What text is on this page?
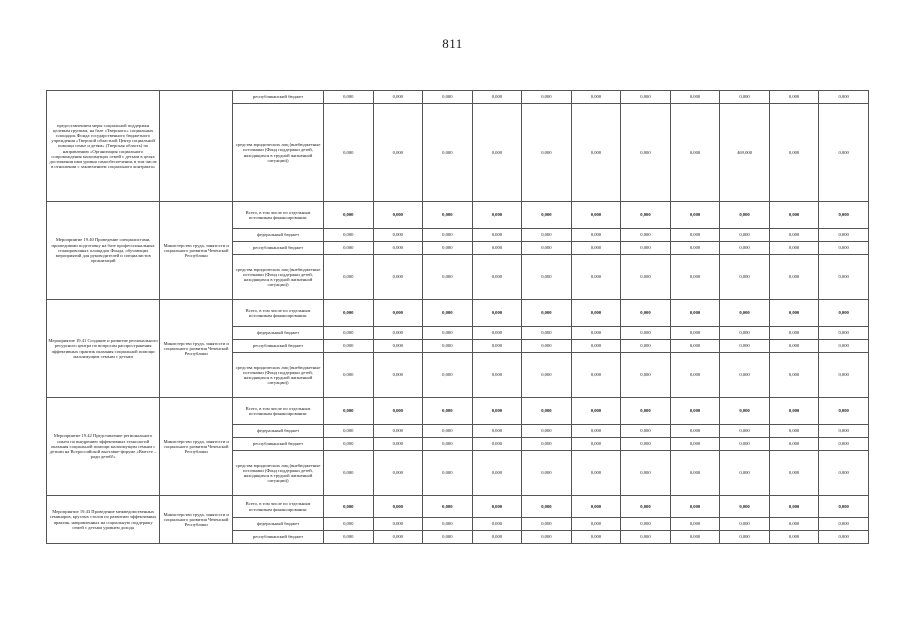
811
предоставлением меры социальной поддержки целевым группам, на базе «Тверского» социальных площадок Фонда государственного бюджетного учреждения «Тверской областной Центр социальной помощи семье и детям» (Тверская область) по направлению «Организация социального сопровождения малоимущих семей с детьми в целях достижения ими уровня самообеспечения, в том числе в отношении с заключением социального контракта»		республиканский бюджет	0,000	0,000	0,000	0,000	0,000	0,000	0,000	0,000	0,000	0,000	0,000
		средства юридических лиц (внебюджетные источники (Фонд поддержки детей, находящихся в трудной жизненной ситуации))	0,000	0,000	0,000	0,000	0,000	0,000	0,000	0,000	469,000	0,000	0,000
Мероприятие 19.40 Проведение специалистами, прошедшими подготовку на базе профессиональных стажировочных площадок Фонда, обучающих мероприятий для руководителей и специалистов организаций	Министерство труда, занятости и социального развития Чеченской Республики	Всего, в том числе по отдельным источникам финансирования:	0,000	0,000	0,000	0,000	0,000	0,000	0,000	0,000	0,000	0,000	0,000
		федеральный бюджет	0,000	0,000	0,000	0,000	0,000	0,000	0,000	0,000	0,000	0,000	0,000
		республиканский бюджет	0,000	0,000	0,000	0,000	0,000	0,000	0,000	0,000	0,000	0,000	0,000
		средства юридических лиц (внебюджетные источники (Фонд поддержки детей, находящихся в трудной жизненной ситуации))	0,000	0,000	0,000	0,000	0,000	0,000	0,000	0,000	0,000	0,000	0,000
Мероприятие 19.41 Создание и развитие регионального ресурсного центра по вопросам распространения эффективных практик оказания социальной помощи малоимущим семьям с детьми	Министерство труда, занятости и социального развития Чеченской Республики	Всего, в том числе по отдельным источникам финансирования:	0,000	0,000	0,000	0,000	0,000	0,000	0,000	0,000	0,000	0,000	0,000
		федеральный бюджет	0,000	0,000	0,000	0,000	0,000	0,000	0,000	0,000	0,000	0,000	0,000
		республиканский бюджет	0,000	0,000	0,000	0,000	0,000	0,000	0,000	0,000	0,000	0,000	0,000
		средства юридических лиц (внебюджетные источники (Фонд поддержки детей, находящихся в трудной жизненной ситуации))	0,000	0,000	0,000	0,000	0,000	0,000	0,000	0,000	0,000	0,000	0,000
Мероприятие 19.42 Представление регионального опыта по внедрению эффективных технологий оказания социальной помощи малоимущим семьям с детьми на Всероссийской выставке-форуме «Вместе – ради детей!»	Министерство труда, занятости и социального развития Чеченской Республики	Всего, в том числе по отдельным источникам финансирования:	0,000	0,000	0,000	0,000	0,000	0,000	0,000	0,000	0,000	0,000	0,000
		федеральный бюджет	0,000	0,000	0,000	0,000	0,000	0,000	0,000	0,000	0,000	0,000	0,000
		республиканский бюджет	0,000	0,000	0,000	0,000	0,000	0,000	0,000	0,000	0,000	0,000	0,000
		средства юридических лиц (внебюджетные источники (Фонд поддержки детей, находящихся в трудной жизненной ситуации))	0,000	0,000	0,000	0,000	0,000	0,000	0,000	0,000	0,000	0,000	0,000
Мероприятие 19.43 Проведение межведомственных семинаров, круглых столов по развитию эффективных практик, направленных на социальную поддержку семей с детьми уровнем дохода	Министерство труда, занятости и социального развития Чеченской Республики	Всего, в том числе по отдельным источникам финансирования:	0,000	0,000	0,000	0,000	0,000	0,000	0,000	0,000	0,000	0,000	0,000
		федеральный бюджет	0,000	0,000	0,000	0,000	0,000	0,000	0,000	0,000	0,000	0,000	0,000
		республиканский бюджет	0,000	0,000	0,000	0,000	0,000	0,000	0,000	0,000	0,000	0,000	0,000
